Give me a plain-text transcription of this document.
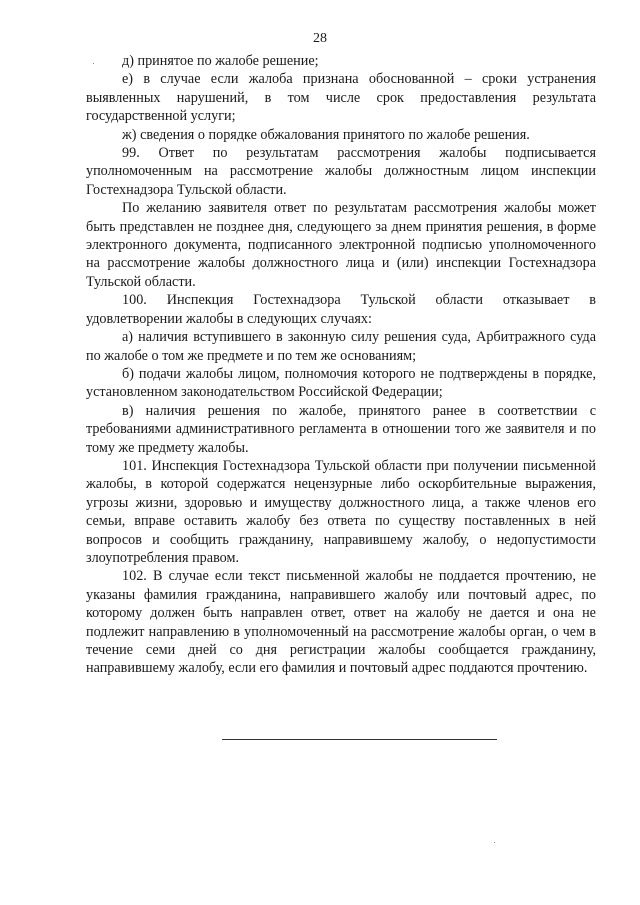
28

д) принятое по жалобе решение;

е) в случае если жалоба признана обоснованной – сроки устранения выявленных нарушений, в том числе срок предоставления результата государственной услуги;

ж) сведения о порядке обжалования принятого по жалобе решения.

99. Ответ по результатам рассмотрения жалобы подписывается уполномоченным на рассмотрение жалобы должностным лицом инспекции Гостехнадзора Тульской области.

По желанию заявителя ответ по результатам рассмотрения жалобы может быть представлен не позднее дня, следующего за днем принятия решения, в форме электронного документа, подписанного электронной подписью уполномоченного на рассмотрение жалобы должностного лица и (или) инспекции Гостехнадзора Тульской области.

100. Инспекция Гостехнадзора Тульской области отказывает в удовлетворении жалобы в следующих случаях:

а) наличия вступившего в законную силу решения суда, Арбитражного суда по жалобе о том же предмете и по тем же основаниям;

б) подачи жалобы лицом, полномочия которого не подтверждены в порядке, установленном законодательством Российской Федерации;

в) наличия решения по жалобе, принятого ранее в соответствии с требованиями административного регламента в отношении того же заявителя и по тому же предмету жалобы.

101. Инспекция Гостехнадзора Тульской области при получении письменной жалобы, в которой содержатся нецензурные либо оскорбительные выражения, угрозы жизни, здоровью и имуществу должностного лица, а также членов его семьи, вправе оставить жалобу без ответа по существу поставленных в ней вопросов и сообщить гражданину, направившему жалобу, о недопустимости злоупотребления правом.

102. В случае если текст письменной жалобы не поддается прочтению, не указаны фамилия гражданина, направившего жалобу или почтовый адрес, по которому должен быть направлен ответ, ответ на жалобу не дается и она не подлежит направлению в уполномоченный на рассмотрение жалобы орган, о чем в течение семи дней со дня регистрации жалобы сообщается гражданину, направившему жалобу, если его фамилия и почтовый адрес поддаются прочтению.
